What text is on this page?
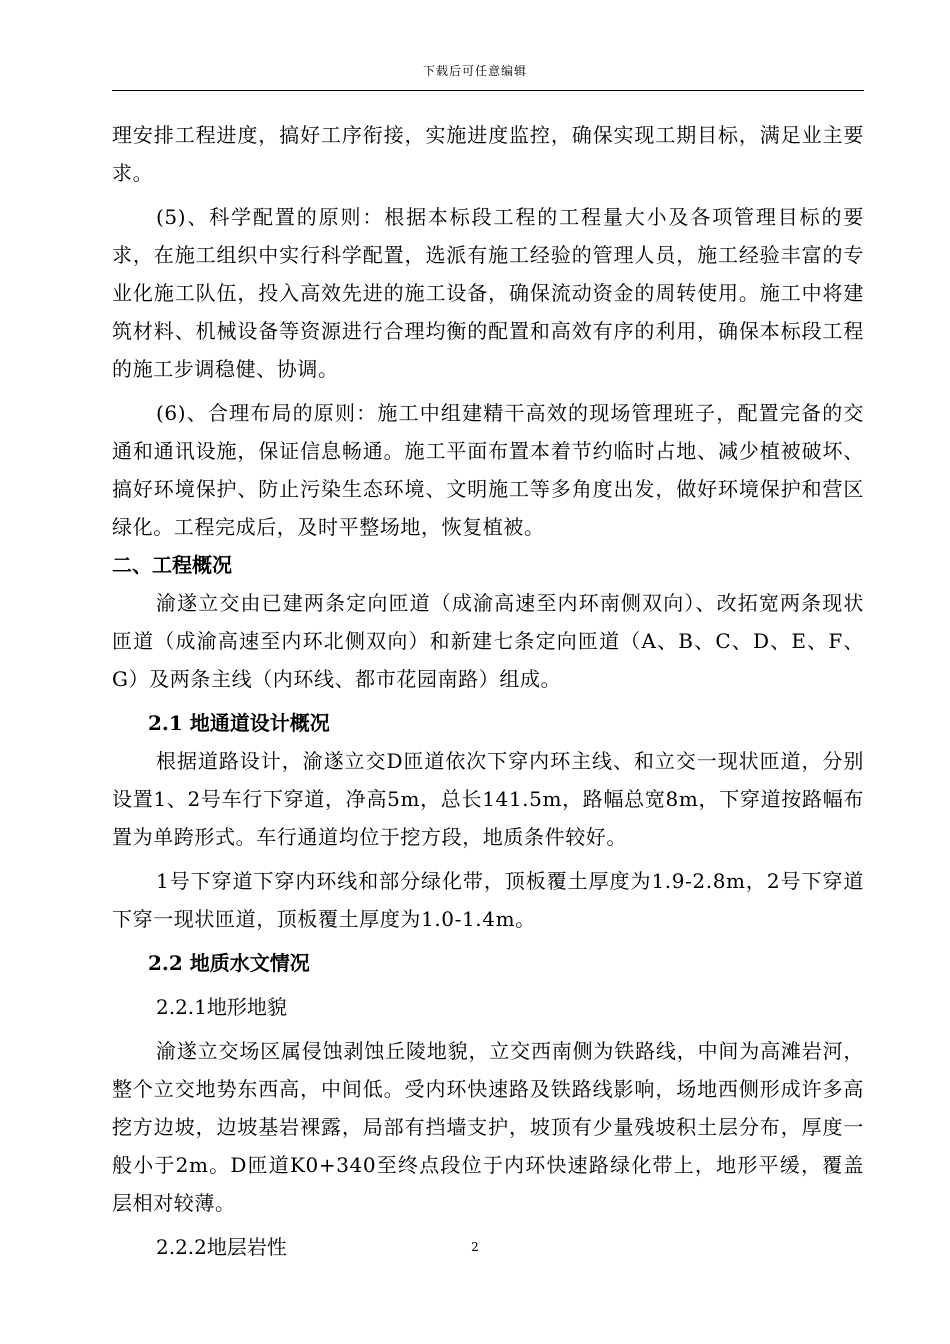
下载后可任意编辑

理安排工程进度，搞好工序衔接，实施进度监控，确保实现工期目标，满足业主要求。

(5)、科学配置的原则：根据本标段工程的工程量大小及各项管理目标的要求，在施工组织中实行科学配置，选派有施工经验的管理人员，施工经验丰富的专业化施工队伍，投入高效先进的施工设备，确保流动资金的周转使用。施工中将建筑材料、机械设备等资源进行合理均衡的配置和高效有序的利用，确保本标段工程的施工步调稳健、协调。

(6)、合理布局的原则：施工中组建精干高效的现场管理班子，配置完备的交通和通讯设施，保证信息畅通。施工平面布置本着节约临时占地、减少植被破坏、搞好环境保护、防止污染生态环境、文明施工等多角度出发，做好环境保护和营区绿化。工程完成后，及时平整场地，恢复植被。

二、工程概况

渝遂立交由已建两条定向匝道（成渝高速至内环南侧双向）、改拓宽两条现状匝道（成渝高速至内环北侧双向）和新建七条定向匝道（A、B、C、D、E、F、G）及两条主线（内环线、都市花园南路）组成。

2.1 地通道设计概况

根据道路设计，渝遂立交D匝道依次下穿内环主线、和立交一现状匝道，分别设置1、2号车行下穿道，净高5m，总长141.5m，路幅总宽8m，下穿道按路幅布置为单跨形式。车行通道均位于挖方段，地质条件较好。

1号下穿道下穿内环线和部分绿化带，顶板覆土厚度为1.9-2.8m，2号下穿道下穿一现状匝道，顶板覆土厚度为1.0-1.4m。

2.2 地质水文情况

2.2.1地形地貌

渝遂立交场区属侵蚀剥蚀丘陵地貌，立交西南侧为铁路线，中间为高滩岩河，整个立交地势东西高，中间低。受内环快速路及铁路线影响，场地西侧形成许多高挖方边坡，边坡基岩裸露，局部有挡墙支护，坡顶有少量残坡积土层分布，厚度一般小于2m。D匝道K0+340至终点段位于内环快速路绿化带上，地形平缓，覆盖层相对较薄。

2.2.2地层岩性	2
